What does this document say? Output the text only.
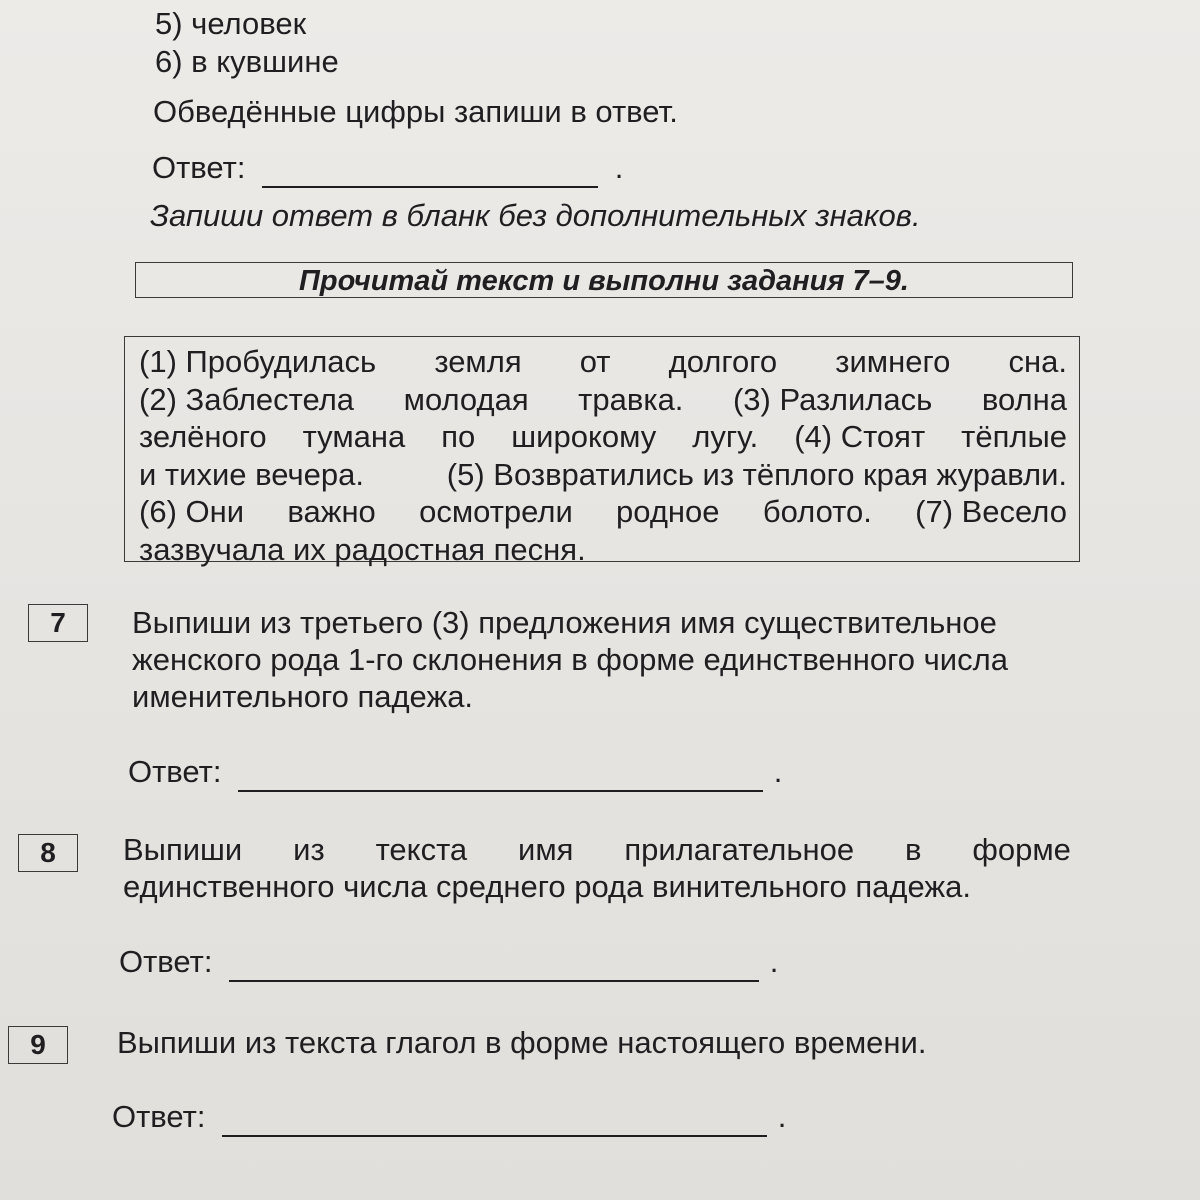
5) человек
6) в кувшине
Обведённые цифры запиши в ответ.
Ответ:	.
Запиши ответ в бланк без дополнительных знаков.
Прочитай текст и выполни задания 7–9.
(1) Пробудилась земля от долгого зимнего сна.
(2) Заблестела молодая травка. (3) Разлилась волна
зелёного тумана по широкому лугу. (4) Стоят тёплые
и тихие вечера.	(5) Возвратились из тёплого края журавли.
(6) Они важно осмотрели родное болото. (7) Весело
зазвучала их радостная песня.
7	Выпиши из третьего (3) предложения имя существительное
женского рода 1-го склонения в форме единственного числа
именительного падежа.
Ответ:	.
8	Выпиши из текста имя прилагательное в форме
единственного числа среднего рода винительного падежа.
Ответ:	.
9	Выпиши из текста глагол в форме настоящего времени.
Ответ:	.
